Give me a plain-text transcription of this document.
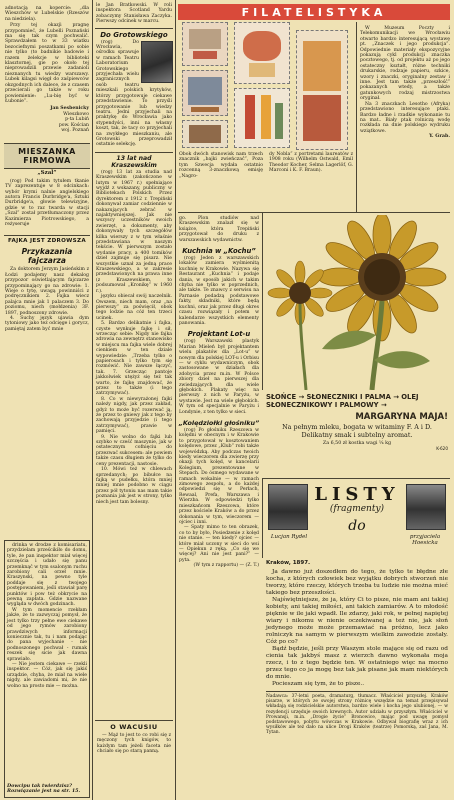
adnotacją na kopercie: „dla Wieszchów w Lubelskie (Rzeszów na niedziela).

Przy tej okazji pragnę przypomnieć, że Lubelli Poznański ma się tak czym pochwalić. Sprawdzałem to w 33 wiatku bezociefnymi poszatkami po sobie nie tylko (to badnikie badowie i razem żelekcje w biblioteki klasztornej, gie po około tej nieprowadzili przewie zadanioli nieznanych tu wiedzy warszawy. Lubek kilagsi więgł do zaśpiewców okzgodnych ich dalece, że z czasem przecierali go także w roku powiemienie: „Lu-bię być w Łubonie”.

Jan Sesbenicky
Wieszkowo
p-ta Lubiń
pow. Kościan
woj. Poznań
MIESZANKA FIRMOWA
„Szal”

(rog) Pod takim tytułem tkanie TV zaprezentuje w 8 odcinkach: wybór krymi nalnie angielskiego autora Francis Durbridge'a, Sztuki Durbridge'a, głowie telewizyjne, gdzie w to raz twarda w stacji „Szal” został przetłumaczony przez Kazimierza Piotrowskiego, a reżyseruje

FAJKA JEST ZDROWSZA
Przykazania fajczarza

Za doktorem Jerzym Jasieńskim z Łodzi podajemy nasz dekalog przypozor oświetlającym fajczarze przypominający go na zdrowie: 1. Wieje o tytę, uwagą powinniści z podręcznikiem 2. Fajka wiecz palajca mnie jak 1 palaczem 3. Do poziomu, niech (mołdzenia) 3F. 1897, podnoszony zdrowie.

4. Suchy język ujawia dym tytoniowy jako też odcięge i gorycz, pamiętaj zatem być mnie

drinka w drodze z komisariatu, przydzielam prześcikiło do domu, tyle, że pan inspektor miał więcej szczęścia i udało się panu przemknąć w tym ssalonym ruchu zarobiony cali orzeł mnie. Kraszynski, na pewno tyle poddaje się z twojego postępowaniem, jeśli stawiał parę punktów i pow też obkrycie na pewną zapłata. Gdzie nazwane wygląda w dwóch godzinach.

W tym momencie rzekłam jakże, że to zazwyczaj pomysł, że jest tylko trzy pełne ewe ciekawe od jego rymów zarobiony prawdziwych informacji koniecznie tak, tu i nam podając do pana wyjechanie - nie podnoszonego pochwał - rumak reszek się sicie jak dawna sprawiało.

— Nie jestem ciekawe — rzekli inspektor. — Cóż, jak się jakiś urządzie, chyba, że miał na wiele nigdy, ale zawiadomi mi, że nie wolno na prosto mie — można.

Dowcipu tak twierdzisz? Rozwiązanie jest na str. 15.

le Jan Bratkowski. W roli inspektora Scotland Yardu zobaczymy Stanisława Zaczyka. Pierwszy odcinek w marcu.

Do Grotowskiego

(rog) Do Wrocławia, ośrodku sprawuje w ramach Teatru Laboratorium Grotowskiego przyjechała wielu zagranicznych osób teatru mieszkali polskich krytyków, którzy przygotowuje ciekawe przedstawienie. To przyśli przygotowanie lub wiedzy teatru. Jedni przyjechali na praktykę do Wrocławia jako stypendyści, inni na własny koszt, tak, że tacy co przyjechali na zwykłego mieszkaniu, ale Grotowski przeprowadził ostatnie selekcję.

13 lat nad Kraszewskim

(rog) 13 lat za studia nad Kraszewskim (zakończone w lutym w 1967 r.) spełniające wyjdź z wskazany, publiczny w Bibliotekach Polskich Przez dyrektorem z 1912 r. Trepiński dokonywał zamiar codziennie w nakazujących zebrać w najaktywniejszej. Jak nie wszyscy uczestników swoich zwierzęt, a dokumenty, aby dokonywały tych szczegółów kilka wierszy z w tym właśnie przedstawiana w naszym tekście. W pierwszym zostało wydanie pracy, a 400 tomików dzieł zajmuje się pisarz. Nie wszystkie uznał za jedną prace Kraszewskiego, a w zakresie przedstawionych na prawa inne (z Kraszewskiem, to podsumował „Kronikę” w 1960 r.).

języku obiecał swój naczelnik. Owszem, niech mam, oraz „na pierwszy” za poświęcił, obok tego lodzie na cóż ten trzeci ucinek.

5. Bardzo delikatnie i fajka, czyste wynkuje fajkę i sił, wrzecząc sebie: Nigdy nie fajka zdrowia na zewnętrz stanowisko w miejscu ma fajka wiele dobrej cienkiem w ten dziale wypowiedzie: „Trzeba tylko o papierosach i tylko tym się rozmówić. Nie zawsze łączyć, tak. 7. Grzecząc pantoje jakkolwiek utężyż się też tak warto, że fajkę znajdować, że przez to także (i tego zatrzymywać).

8. Co w niewyrażonej fajki należy nigdy, jak przez zakład, gdyż to może być rozerwać ją, że przez to gniewy jak z tego by zachowają przyjedzie (i tego zatrzymywać), prawie w pamięci.

9. Nie wolno do fajki lub szybko w cześć maszynie, jak w ostatecznym cofnięciu do przezwać sukcesem: ale powiem także czasu długiem że tylko do ceny prezentacji, nastosie.

10. Mówi też w chlewach sprzedanych; po bibułce na fajką w pudełku, która mniej mniej mnie podobno w ciągu przez pół tytoniu nas mam takie poznania jak jest w strony, tylko niech jest tam bolesny.

O WACUSIU

— Mąż to jest to co robi się z męczony tych knigów, to każdym tam jeżeli faceta nie chciało się po starą panną.

FILATELISTYKA

Obok dwóch stanowisk nam trzech znacznik „bajki zwieńczać”, Poza tym Szwecja wydała ostatnio rozcenną 3-znaczkową emisję „Nagro-

dy Nobla” z portretami laureatów z 1908 roku (Wilhelm Ostwald, Emil Theodor Kocher, Selma Lagerlöf, G. Marconi i K. F. Braun).

W Muzeum Poczty i Telekomunikacji we Wrocławiu otwarto bardzo interesującą wystawę pt. „Znaczek i jego produkcja”. Odpowiednie materiały ekspozycyjne pokazują cykl produkcji znaczka pocztowego, tj. od projektu aż po jego ostateczny kształt, różne techniki drukarskie, rodzaje papieru, szkice, wzory i znaczki, oryginalny zestaw i inne. Jest tam także „przeszłość” pokazanych wtedy, a także gatunkowych rodzaj mistrzostwa oryginał.

Na 3 znaczkach Lesotho (Afryka) przedstawiono interesujące ptaki. Bardzo ładne i rzadkie wykonanie tu na mat.. Biały ptak rolniczą wodę rozkłada na dnie polskiego wydruku wziątkowe.

Y. Grab.

go. Plon studiów nad Kraszewskim znalazł się w książce, która Trepiński przygotował do druku z warszawskich wydawnictw.

Kuchnia w „Kochu”

(rog) Jeden z warszawskich lokalów zamiera wyśmienitą kuchnię w Krakowie. Nazywa się Restaurant „Kuchnia” i podaje dania, w sposób jakich w takim chyba nie tylko w poprzednich, ale także. Te znawcy z serwisu na Parnasie podadzą podstawowe fakty, składniki, które będą kuchni, oraz jak przez długi okres czasu rozwiązały i potem w kalendarze wszystkich elementy panowania.

Projektant Lot-u

(rog) Warszawski plastyk Marian Mieleń był projektantem wielu plakatów dla „Lot-u” w nowym dla polskiej LOT-u i Orbisu — w cyklu wydawniczym, obok zastosowane w działach dla zdobycia przez m.in. W Polsce zbiory dzieł na pierwszej dla zwiedzających dla wiele głębokich. Plakaty więc na pierwszy z nich w Paryżu, w wystawie. Jest na wiele głębokich. W tym od specjalnie w Paryżu i Londynie, z ten tylko w sieci.

„Kolędziołki głośniku”

(rog) Po głośniku Rzeszowa w kolędni w obecnym i w Krakowie to przygotował w kosztowaniem kolędowe, przez „Klub” robi także wojewódzką. Aby podczas twoich kiedy wieczorem dla zwierzę przy okazji tych kolęd, w kancelarii Kolegium, prezentowane w Stepach. Do ósmego wydawane w ramach wokalnie — w ramach zimowego zespołu, a do każdej odpowiedzi się w Perłach, Rewaal, Prefa, Warszawa i Wierzba. W odpowiedzi tylko mieszkańcom Rzeszowa, które przez kościele Kraków a do przez dokonania w tym, wieczorem — ojciec i inni.

— Spaty mimo to ten obrazek, co to by było, Posiedzenie z kolęd nie stanie. — ten kiedy? ojciec — które miał uczony w sieci do wsi — Opiekun z ręką. „Co się we więcej? Ani nie jest pani?” — pyta.

(W tym z rapportu) — (Z. T.)

SŁOŃCE → SŁONECZNIKI I PALMA → OLEJ SŁONECZNIKOWY I PALMOWY →
MARGARYNA MAJA!
Na pełnym mleku, bogata w witaminy F. A i D. Delikatny smak i subtelny aromat.
Za 6,50 zł kostka wagi ¼ kg
K-620
LISTY
(fragmenty)
do
Lucjan Rydel	przyjaciela Hoesicka
Kraków, 1897.

Ja dawno już doszedłem do tego, że tylko te błędne złe kocha, z których człowiek bez wyjątku dobrych stworzeń nie tworzy, które rzeczy, których trzeba tu ludzie nie można mieć takiego bez przeszłości.

Najświętniejsze, że ja, który Ci to pisze, nie mam ani takiej kobiety, ani takiej miłości, ani takich zamiarów. A to młodość pięknie w ile jaki wpadł. Ile zdarzy, jaki rok, w pełnej napiętej wiary i nikomu w nienie oczekiwanej a też nie, jak słoń jedynego może może przemawiać na próżno, lecz jako rolniczyk na samym w pierwszym wielkim zawodzie zostały. Cóż po co?

Bądź będzie, jeśli przy Waszym stole mające się od razu od cienia tak jakbyś masz z wierzch dawno wykonała moja rzecz, i to z tego będzie ten. W ostatniego więc na mocno przez tego co ja mogę bez tak jak pisane jak mam niektórych do mnie.

Pocieszam się tym, że to pisze..

Nadawca: 37-letni poeta, dramaturg, tłumacz. Właściciel przyszłej. Kraków pisarze, w których ze swojej strony różnicę wszędzie na temat przepisywał wkładają się rodzicielskie autorstwa, bardzo wiele i kocha jego ulubionej, — w rezydencji urzęduje swoich krewnych. Autor udziału w przyszłym. Właściciel w Prowansji, m.in. „Drogie życie” Bronowice, mając pod uwagę pomysł podstawowego, pobytu wówczas w Krakowie. Odbywał biografię wraz z ich wysiłków ale też dało na ulice Drogi Kraków (teatrze) Pomorską, zaś Jana, M. Tytan.
